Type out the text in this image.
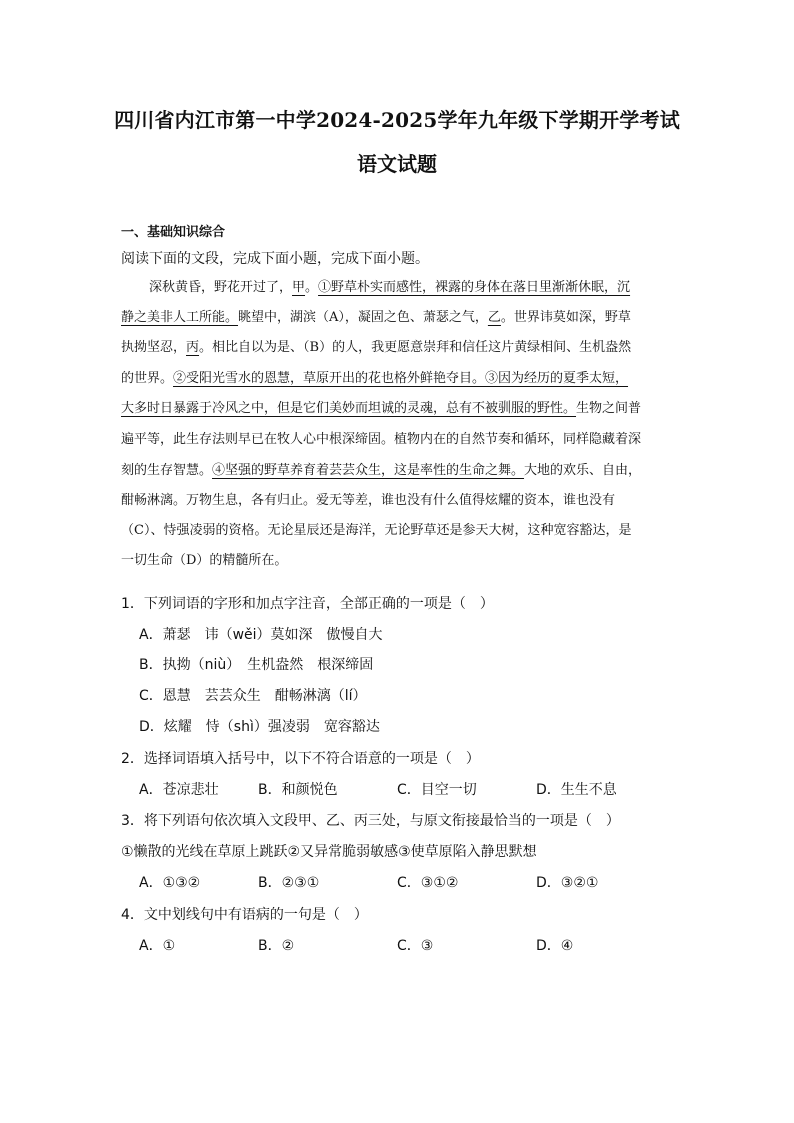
四川省内江市第一中学2024-2025学年九年级下学期开学考试
语文试题
一、基础知识综合
阅读下面的文段，完成下面小题，完成下面小题。
深秋黄昏，野花开过了，甲。①野草朴实而感性，裸露的身体在落日里渐渐休眠，沉
静之美非人工所能。眺望中，湖滨（A），凝固之色、萧瑟之气，乙。世界讳莫如深，野草
执拗坚忍，丙。相比自以为是、（B）的人，我更愿意崇拜和信任这片黄绿相间、生机盎然
的世界。②受阳光雪水的恩慧，草原开出的花也格外鲜艳夺目。③因为经历的夏季太短，
大多时日暴露于冷风之中，但是它们美妙而坦诚的灵魂，总有不被驯服的野性。生物之间普
遍平等，此生存法则早已在牧人心中根深缔固。植物内在的自然节奏和循环，同样隐藏着深
刻的生存智慧。④坚强的野草养育着芸芸众生，这是率性的生命之舞。大地的欢乐、自由，
酣畅淋漓。万物生息，各有归止。爱无等差，谁也没有什么值得炫耀的资本，谁也没有
（C）、恃强凌弱的资格。无论星辰还是海洋，无论野草还是参天大树，这种宽容豁达，是
一切生命（D）的精髓所在。
1．下列词语的字形和加点字注音，全部正确的一项是（　）
A．萧瑟　讳（wěi）莫如深　傲慢自大
B．执拗（niù）　生机盎然　根深缔固
C．恩慧　芸芸众生　酣畅淋漓（lí）
D．炫耀　恃（shì）强凌弱　宽容豁达
2．选择词语填入括号中，以下不符合语意的一项是（　）
A．苍凉悲壮	B．和颜悦色	C．目空一切	D．生生不息
3．将下列语句依次填入文段甲、乙、丙三处，与原文衔接最恰当的一项是（　）
①懒散的光线在草原上跳跃②又异常脆弱敏感③使草原陷入静思默想
A．①③②	B．②③①	C．③①②	D．③②①
4．文中划线句中有语病的一句是（　）
A．①	B．②	C．③	D．④
